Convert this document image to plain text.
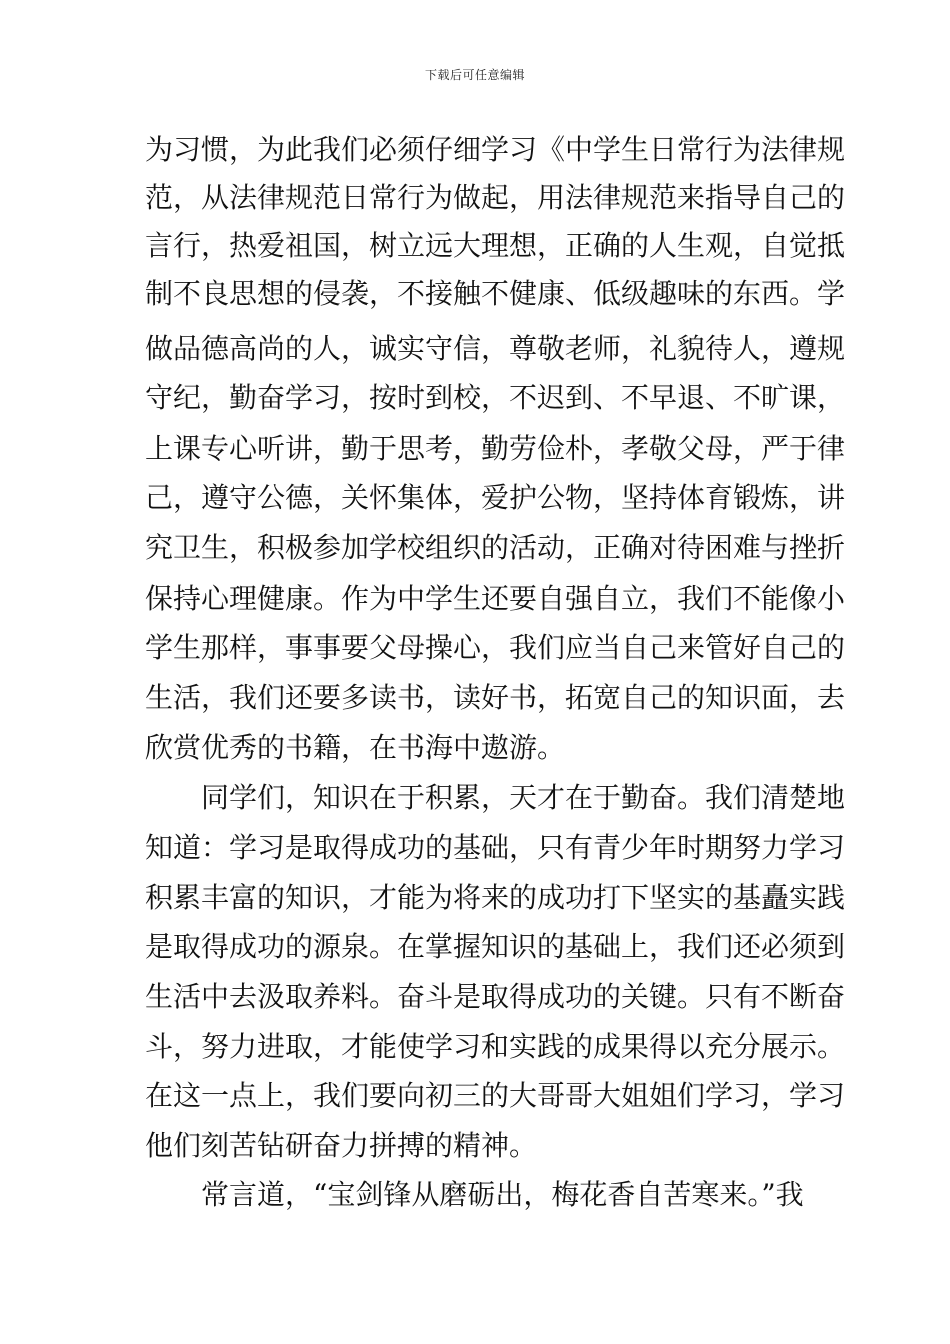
下载后可任意编辑
为习惯，为此我们必须仔细学习《中学生日常行为法律规
范，从法律规范日常行为做起，用法律规范来指导自己的
言行，热爱祖国，树立远大理想，正确的人生观，自觉抵
制不良思想的侵袭，不接触不健康、低级趣味的东西。学
做品德高尚的人，诚实守信，尊敬老师，礼貌待人，遵规
守纪，勤奋学习，按时到校，不迟到、不早退、不旷课，
上课专心听讲，勤于思考，勤劳俭朴，孝敬父母，严于律
己，遵守公德，关怀集体，爱护公物，坚持体育锻炼，讲
究卫生，积极参加学校组织的活动，正确对待困难与挫折
保持心理健康。作为中学生还要自强自立，我们不能像小
学生那样，事事要父母操心，我们应当自己来管好自己的
生活，我们还要多读书，读好书，拓宽自己的知识面，去
欣赏优秀的书籍，在书海中遨游。
同学们，知识在于积累，天才在于勤奋。我们清楚地
知道：学习是取得成功的基础，只有青少年时期努力学习
积累丰富的知识，才能为将来的成功打下坚实的基矗实践
是取得成功的源泉。在掌握知识的基础上，我们还必须到
生活中去汲取养料。奋斗是取得成功的关键。只有不断奋
斗，努力进取，才能使学习和实践的成果得以充分展示。
在这一点上，我们要向初三的大哥哥大姐姐们学习，学习
他们刻苦钻研奋力拼搏的精神。
常言道，“宝剑锋从磨砺出，梅花香自苦寒来。”我
